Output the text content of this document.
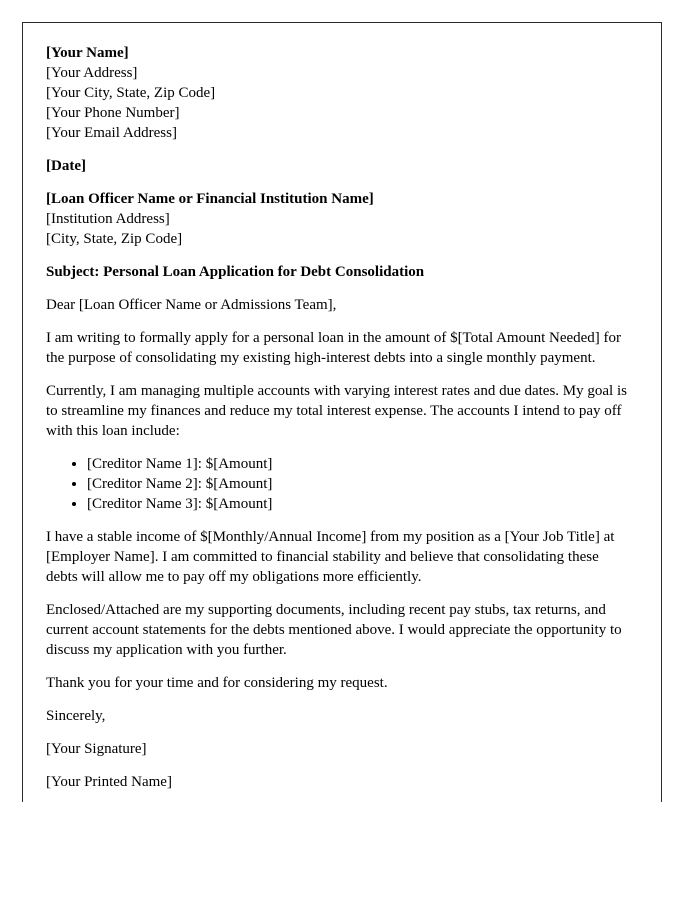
[Your Name]
[Your Address]
[Your City, State, Zip Code]
[Your Phone Number]
[Your Email Address]
[Date]
[Loan Officer Name or Financial Institution Name]
[Institution Address]
[City, State, Zip Code]

Subject: Personal Loan Application for Debt Consolidation

Dear [Loan Officer Name or Admissions Team],

I am writing to formally apply for a personal loan in the amount of $[Total Amount Needed] for the purpose of consolidating my existing high-interest debts into a single monthly payment.

Currently, I am managing multiple accounts with varying interest rates and due dates. My goal is to streamline my finances and reduce my total interest expense. The accounts I intend to pay off with this loan include:

• [Creditor Name 1]: $[Amount]
• [Creditor Name 2]: $[Amount]
• [Creditor Name 3]: $[Amount]

I have a stable income of $[Monthly/Annual Income] from my position as a [Your Job Title] at [Employer Name]. I am committed to financial stability and believe that consolidating these debts will allow me to pay off my obligations more efficiently.

Enclosed/Attached are my supporting documents, including recent pay stubs, tax returns, and current account statements for the debts mentioned above. I would appreciate the opportunity to discuss my application with you further.

Thank you for your time and for considering my request.

Sincerely,

[Your Signature]

[Your Printed Name]
